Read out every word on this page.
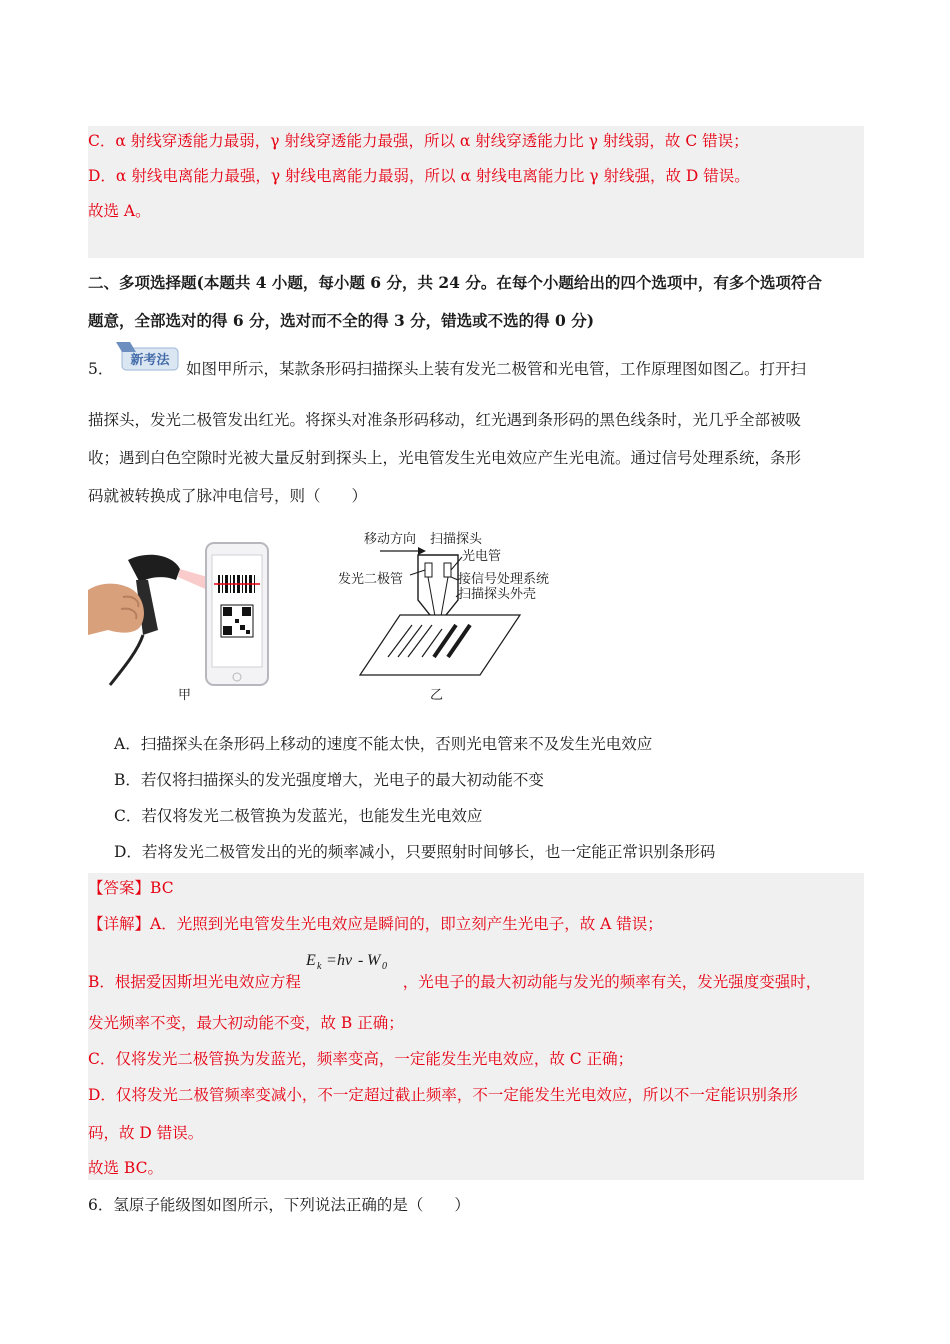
C．α 射线穿透能力最弱，γ 射线穿透能力最强，所以 α 射线穿透能力比 γ 射线弱，故 C 错误；
D．α 射线电离能力最强，γ 射线电离能力最弱，所以 α 射线电离能力比 γ 射线强，故 D 错误。
故选 A。
二、多项选择题(本题共 4 小题，每小题 6 分，共 24 分。在每个小题给出的四个选项中，有多个选项符合
题意，全部选对的得 6 分，选对而不全的得 3 分，错选或不选的得 0 分)
5． 新考法 如图甲所示，某款条形码扫描探头上装有发光二极管和光电管，工作原理图如图乙。打开扫
描探头，发光二极管发出红光。将探头对准条形码移动，红光遇到条形码的黑色线条时，光几乎全部被吸
收；遇到白色空隙时光被大量反射到探头上，光电管发生光电效应产生光电流。通过信号处理系统，条形
码就被转换成了脉冲电信号，则（　　）
甲
移动方向 扫描探头
光电管
发光二极管	接信号处理系统
扫描探头外壳
乙
A．扫描探头在条形码上移动的速度不能太快，否则光电管来不及发生光电效应
B．若仅将扫描探头的发光强度增大，光电子的最大初动能不变
C．若仅将发光二极管换为发蓝光，也能发生光电效应
D．若将发光二极管发出的光的频率减小，只要照射时间够长，也一定能正常识别条形码
【答案】BC
【详解】A．光照到光电管发生光电效应是瞬间的，即立刻产生光电子，故 A 错误；
B．根据爱因斯坦光电效应方程
E k = hν - W 0
，光电子的最大初动能与发光的频率有关，发光强度变强时，
发光频率不变，最大初动能不变，故 B 正确；
C．仅将发光二极管换为发蓝光，频率变高，一定能发生光电效应，故 C 正确；
D．仅将发光二极管频率变减小，不一定超过截止频率，不一定能发生光电效应，所以不一定能识别条形
码，故 D 错误。
故选 BC。
6．氢原子能级图如图所示，下列说法正确的是（　　）
